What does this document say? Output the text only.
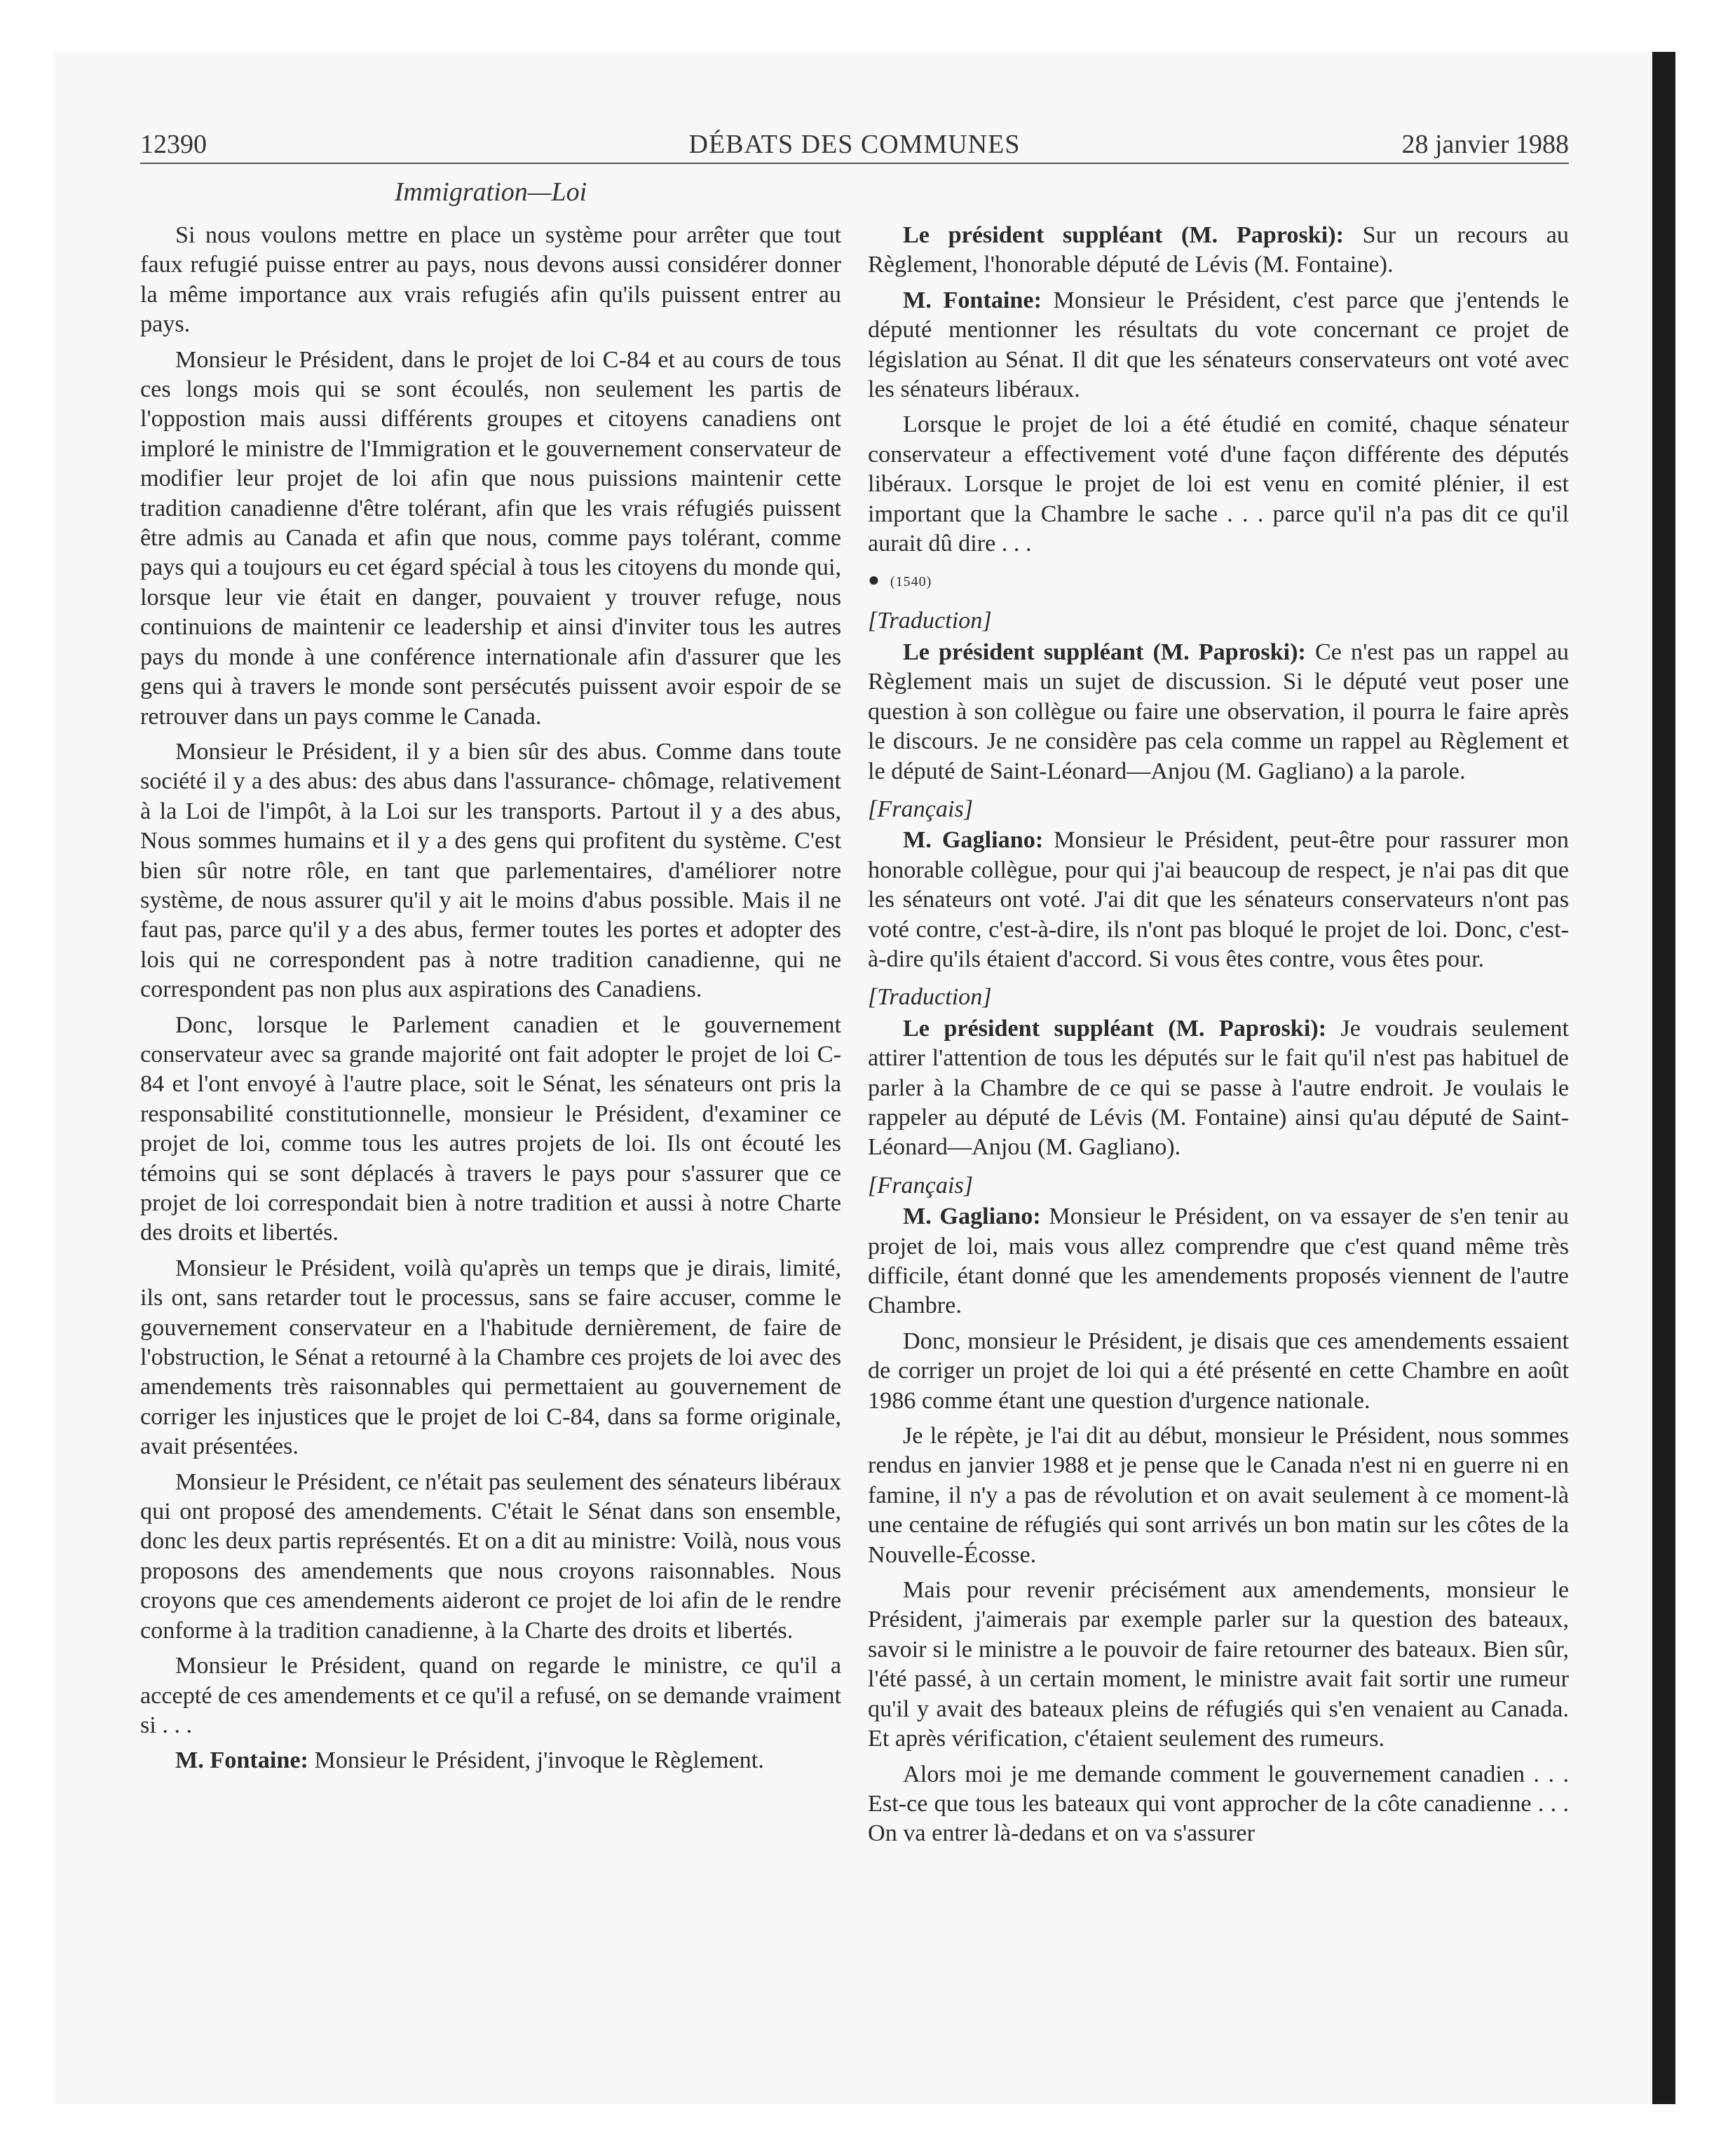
12390	DÉBATS DES COMMUNES	28 janvier 1988
Immigration—Loi

Si nous voulons mettre en place un système pour arrêter que tout faux refugié puisse entrer au pays, nous devons aussi considérer donner la même importance aux vrais refugiés afin qu'ils puissent entrer au pays.

Monsieur le Président, dans le projet de loi C-84 et au cours de tous ces longs mois qui se sont écoulés, non seulement les partis de l'oppostion mais aussi différents groupes et citoyens canadiens ont imploré le ministre de l'Immigration et le gouvernement conservateur de modifier leur projet de loi afin que nous puissions maintenir cette tradition canadienne d'être tolérant, afin que les vrais réfugiés puissent être admis au Canada et afin que nous, comme pays tolérant, comme pays qui a toujours eu cet égard spécial à tous les citoyens du monde qui, lorsque leur vie était en danger, pouvaient y trouver refuge, nous continuions de maintenir ce leadership et ainsi d'inviter tous les autres pays du monde à une conférence internationale afin d'assurer que les gens qui à travers le monde sont persécutés puissent avoir espoir de se retrouver dans un pays comme le Canada.

Monsieur le Président, il y a bien sûr des abus. Comme dans toute société il y a des abus: des abus dans l'assurance- chômage, relativement à la Loi de l'impôt, à la Loi sur les transports. Partout il y a des abus, Nous sommes humains et il y a des gens qui profitent du système. C'est bien sûr notre rôle, en tant que parlementaires, d'améliorer notre système, de nous assurer qu'il y ait le moins d'abus possible. Mais il ne faut pas, parce qu'il y a des abus, fermer toutes les portes et adopter des lois qui ne correspondent pas à notre tradition canadienne, qui ne correspondent pas non plus aux aspirations des Canadiens.

Donc, lorsque le Parlement canadien et le gouvernement conservateur avec sa grande majorité ont fait adopter le projet de loi C-84 et l'ont envoyé à l'autre place, soit le Sénat, les sénateurs ont pris la responsabilité constitutionnelle, monsieur le Président, d'examiner ce projet de loi, comme tous les autres projets de loi. Ils ont écouté les témoins qui se sont déplacés à travers le pays pour s'assurer que ce projet de loi correspondait bien à notre tradition et aussi à notre Charte des droits et libertés.

Monsieur le Président, voilà qu'après un temps que je dirais, limité, ils ont, sans retarder tout le processus, sans se faire accuser, comme le gouvernement conservateur en a l'habitude dernièrement, de faire de l'obstruction, le Sénat a retourné à la Chambre ces projets de loi avec des amendements très raisonnables qui permettaient au gouvernement de corriger les injustices que le projet de loi C-84, dans sa forme originale, avait présentées.

Monsieur le Président, ce n'était pas seulement des sénateurs libéraux qui ont proposé des amendements. C'était le Sénat dans son ensemble, donc les deux partis représentés. Et on a dit au ministre: Voilà, nous vous proposons des amendements que nous croyons raisonnables. Nous croyons que ces amendements aideront ce projet de loi afin de le rendre conforme à la tradition canadienne, à la Charte des droits et libertés.

Monsieur le Président, quand on regarde le ministre, ce qu'il a accepté de ces amendements et ce qu'il a refusé, on se demande vraiment si . . .

M. Fontaine: Monsieur le Président, j'invoque le Règlement.

Le président suppléant (M. Paproski): Sur un recours au Règlement, l'honorable député de Lévis (M. Fontaine).

M. Fontaine: Monsieur le Président, c'est parce que j'entends le député mentionner les résultats du vote concernant ce projet de législation au Sénat. Il dit que les sénateurs conservateurs ont voté avec les sénateurs libéraux.

Lorsque le projet de loi a été étudié en comité, chaque sénateur conservateur a effectivement voté d'une façon différente des députés libéraux. Lorsque le projet de loi est venu en comité plénier, il est important que la Chambre le sache . . . parce qu'il n'a pas dit ce qu'il aurait dû dire . . .

● (1540)

[Traduction]

Le président suppléant (M. Paproski): Ce n'est pas un rappel au Règlement mais un sujet de discussion. Si le député veut poser une question à son collègue ou faire une observation, il pourra le faire après le discours. Je ne considère pas cela comme un rappel au Règlement et le député de Saint-Léonard—Anjou (M. Gagliano) a la parole.

[Français]

M. Gagliano: Monsieur le Président, peut-être pour rassurer mon honorable collègue, pour qui j'ai beaucoup de respect, je n'ai pas dit que les sénateurs ont voté. J'ai dit que les sénateurs conservateurs n'ont pas voté contre, c'est-à-dire, ils n'ont pas bloqué le projet de loi. Donc, c'est-à-dire qu'ils étaient d'accord. Si vous êtes contre, vous êtes pour.

[Traduction]

Le président suppléant (M. Paproski): Je voudrais seulement attirer l'attention de tous les députés sur le fait qu'il n'est pas habituel de parler à la Chambre de ce qui se passe à l'autre endroit. Je voulais le rappeler au député de Lévis (M. Fontaine) ainsi qu'au député de Saint-Léonard—Anjou (M. Gagliano).

[Français]

M. Gagliano: Monsieur le Président, on va essayer de s'en tenir au projet de loi, mais vous allez comprendre que c'est quand même très difficile, étant donné que les amendements proposés viennent de l'autre Chambre.

Donc, monsieur le Président, je disais que ces amendements essaient de corriger un projet de loi qui a été présenté en cette Chambre en août 1986 comme étant une question d'urgence nationale.

Je le répète, je l'ai dit au début, monsieur le Président, nous sommes rendus en janvier 1988 et je pense que le Canada n'est ni en guerre ni en famine, il n'y a pas de révolution et on avait seulement à ce moment-là une centaine de réfugiés qui sont arrivés un bon matin sur les côtes de la Nouvelle-Écosse.

Mais pour revenir précisément aux amendements, monsieur le Président, j'aimerais par exemple parler sur la question des bateaux, savoir si le ministre a le pouvoir de faire retourner des bateaux. Bien sûr, l'été passé, à un certain moment, le ministre avait fait sortir une rumeur qu'il y avait des bateaux pleins de réfugiés qui s'en venaient au Canada. Et après vérification, c'étaient seulement des rumeurs.

Alors moi je me demande comment le gouvernement canadien . . . Est-ce que tous les bateaux qui vont approcher de la côte canadienne . . . On va entrer là-dedans et on va s'assurer
